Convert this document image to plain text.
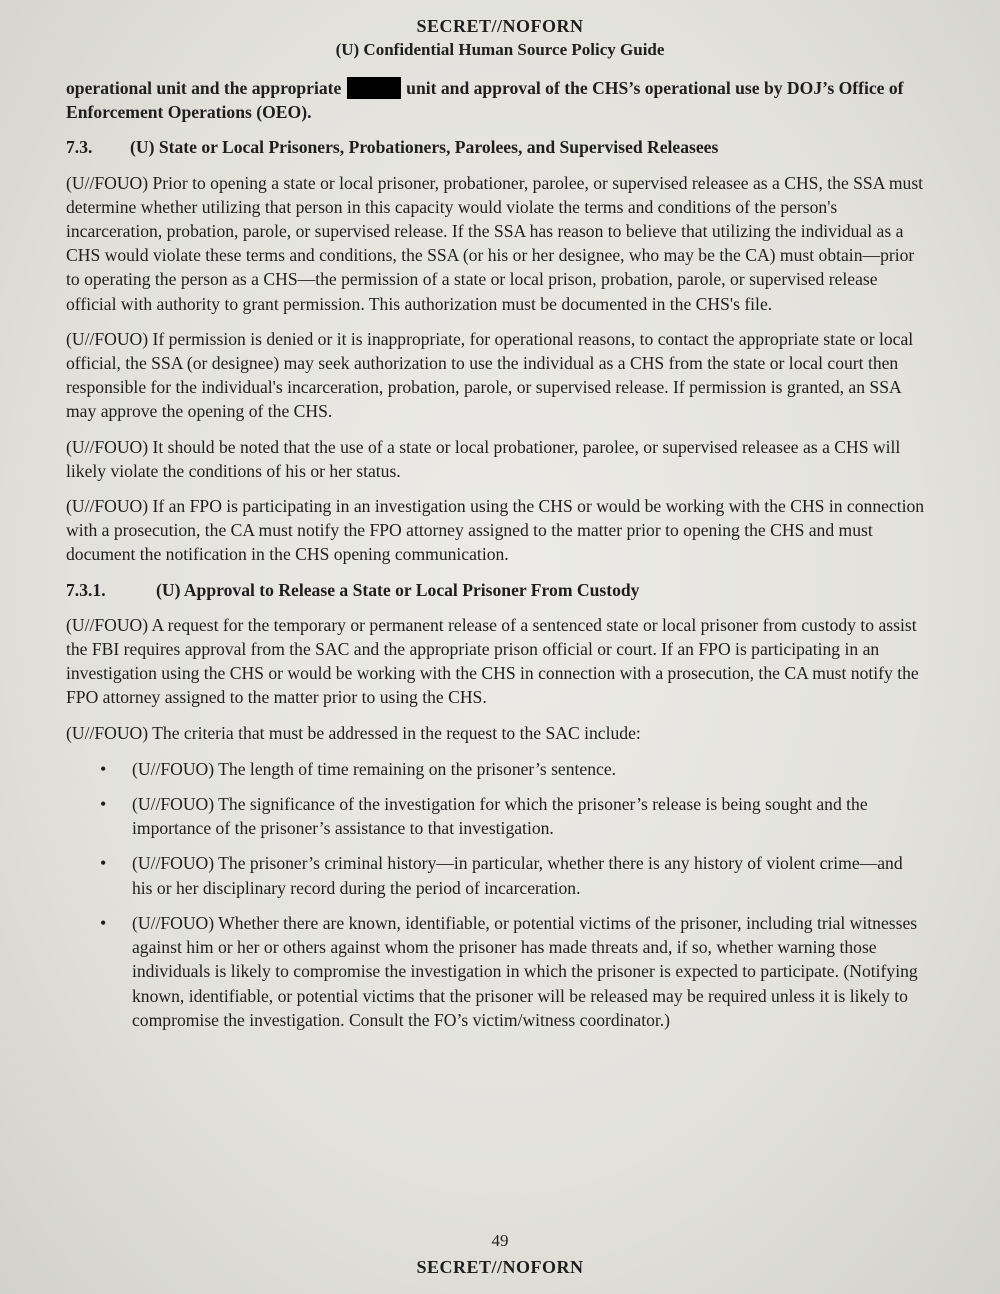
SECRET//NOFORN
(U) Confidential Human Source Policy Guide

operational unit and the appropriate	unit and approval of the CHS’s operational use by DOJ’s Office of Enforcement Operations (OEO).

7.3. (U) State or Local Prisoners, Probationers, Parolees, and Supervised Releasees

(U//FOUO) Prior to opening a state or local prisoner, probationer, parolee, or supervised releasee as a CHS, the SSA must determine whether utilizing that person in this capacity would violate the terms and conditions of the person's incarceration, probation, parole, or supervised release. If the SSA has reason to believe that utilizing the individual as a CHS would violate these terms and conditions, the SSA (or his or her designee, who may be the CA) must obtain—prior to operating the person as a CHS—the permission of a state or local prison, probation, parole, or supervised release official with authority to grant permission. This authorization must be documented in the CHS's file.

(U//FOUO) If permission is denied or it is inappropriate, for operational reasons, to contact the appropriate state or local official, the SSA (or designee) may seek authorization to use the individual as a CHS from the state or local court then responsible for the individual's incarceration, probation, parole, or supervised release. If permission is granted, an SSA may approve the opening of the CHS.

(U//FOUO) It should be noted that the use of a state or local probationer, parolee, or supervised releasee as a CHS will likely violate the conditions of his or her status.

(U//FOUO) If an FPO is participating in an investigation using the CHS or would be working with the CHS in connection with a prosecution, the CA must notify the FPO attorney assigned to the matter prior to opening the CHS and must document the notification in the CHS opening communication.

7.3.1.	(U) Approval to Release a State or Local Prisoner From Custody

(U//FOUO) A request for the temporary or permanent release of a sentenced state or local prisoner from custody to assist the FBI requires approval from the SAC and the appropriate prison official or court. If an FPO is participating in an investigation using the CHS or would be working with the CHS in connection with a prosecution, the CA must notify the FPO attorney assigned to the matter prior to using the CHS.

(U//FOUO) The criteria that must be addressed in the request to the SAC include:

• (U//FOUO) The length of time remaining on the prisoner’s sentence.
• (U//FOUO) The significance of the investigation for which the prisoner’s release is being sought and the importance of the prisoner’s assistance to that investigation.
• (U//FOUO) The prisoner’s criminal history—in particular, whether there is any history of violent crime—and his or her disciplinary record during the period of incarceration.
• (U//FOUO) Whether there are known, identifiable, or potential victims of the prisoner, including trial witnesses against him or her or others against whom the prisoner has made threats and, if so, whether warning those individuals is likely to compromise the investigation in which the prisoner is expected to participate. (Notifying known, identifiable, or potential victims that the prisoner will be released may be required unless it is likely to compromise the investigation. Consult the FO’s victim/witness coordinator.)
49
SECRET//NOFORN
